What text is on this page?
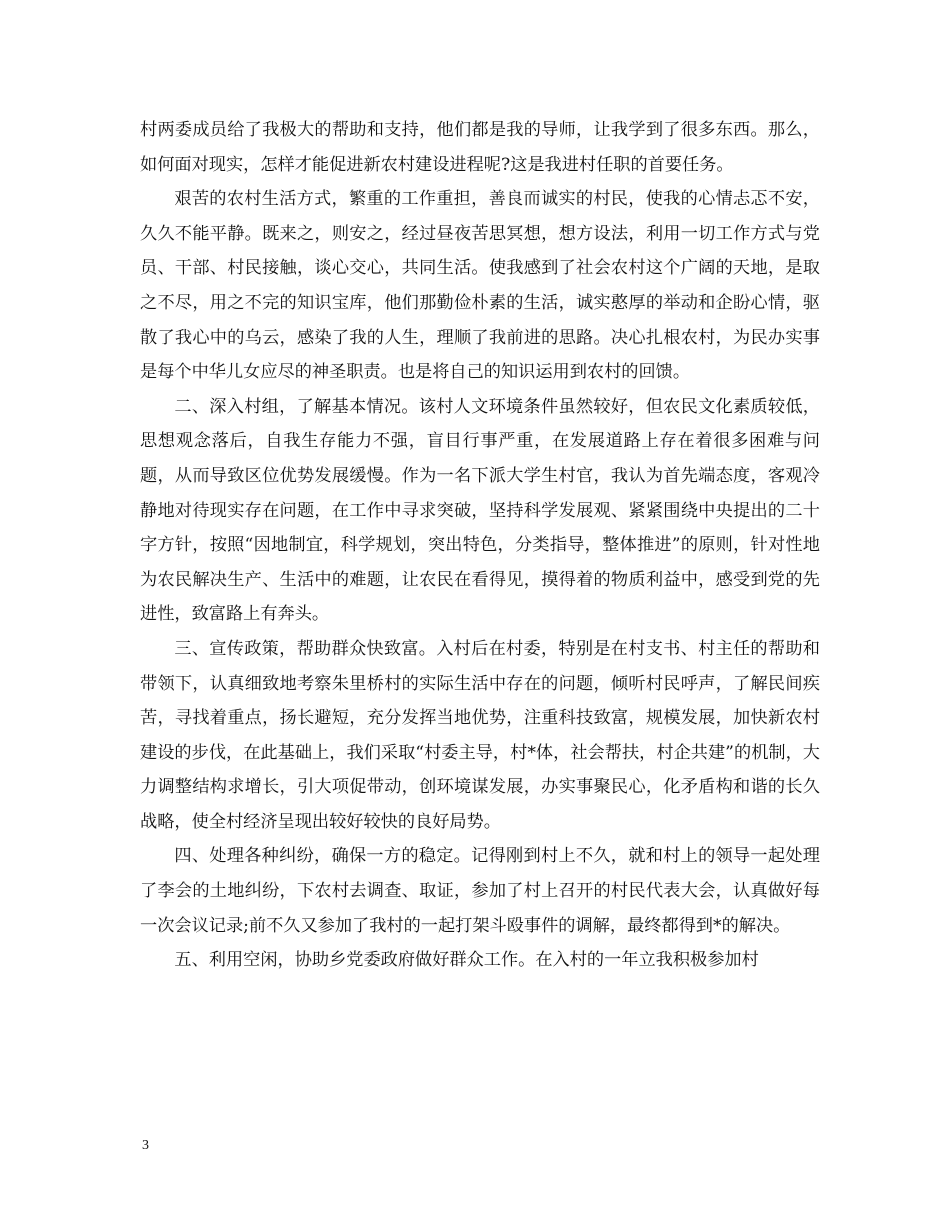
村两委成员给了我极大的帮助和支持，他们都是我的导师，让我学到了很多东西。那么，如何面对现实，怎样才能促进新农村建设进程呢?这是我进村任职的首要任务。

艰苦的农村生活方式，繁重的工作重担，善良而诚实的村民，使我的心情忐忑不安，久久不能平静。既来之，则安之，经过昼夜苦思冥想，想方设法，利用一切工作方式与党员、干部、村民接触，谈心交心，共同生活。使我感到了社会农村这个广阔的天地，是取之不尽，用之不完的知识宝库，他们那勤俭朴素的生活，诚实憨厚的举动和企盼心情，驱散了我心中的乌云，感染了我的人生，理顺了我前进的思路。决心扎根农村，为民办实事是每个中华儿女应尽的神圣职责。也是将自己的知识运用到农村的回馈。

二、深入村组，了解基本情况。该村人文环境条件虽然较好，但农民文化素质较低，思想观念落后，自我生存能力不强，盲目行事严重，在发展道路上存在着很多困难与问题，从而导致区位优势发展缓慢。作为一名下派大学生村官，我认为首先端态度，客观冷静地对待现实存在问题，在工作中寻求突破，坚持科学发展观、紧紧围绕中央提出的二十字方针，按照“因地制宜，科学规划，突出特色，分类指导，整体推进”的原则，针对性地为农民解决生产、生活中的难题，让农民在看得见，摸得着的物质利益中，感受到党的先进性，致富路上有奔头。

三、宣传政策，帮助群众快致富。入村后在村委，特别是在村支书、村主任的帮助和带领下，认真细致地考察朱里桥村的实际生活中存在的问题，倾听村民呼声，了解民间疾苦，寻找着重点，扬长避短，充分发挥当地优势，注重科技致富，规模发展，加快新农村建设的步伐，在此基础上，我们采取“村委主导，村*体，社会帮扶，村企共建”的机制，大力调整结构求增长，引大项促带动，创环境谋发展，办实事聚民心，化矛盾构和谐的长久战略，使全村经济呈现出较好较快的良好局势。

四、处理各种纠纷，确保一方的稳定。记得刚到村上不久，就和村上的领导一起处理了李会的土地纠纷，下农村去调查、取证，参加了村上召开的村民代表大会，认真做好每一次会议记录;前不久又参加了我村的一起打架斗殴事件的调解，最终都得到*的解决。

五、利用空闲，协助乡党委政府做好群众工作。在入村的一年立我积极参加村

3
